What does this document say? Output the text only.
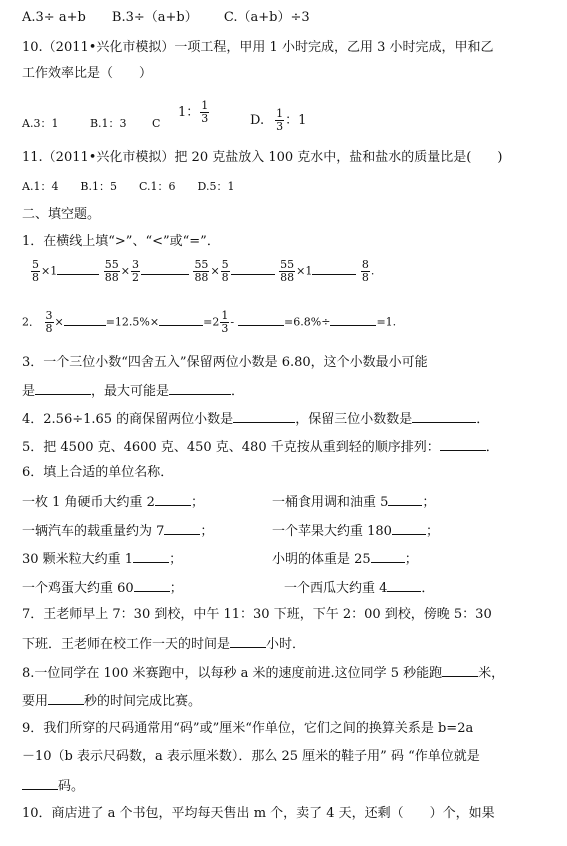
A.3÷ a+b B.3÷（a+b） C.（a+b）÷3
10.（2011•兴化市模拟）一项工程，甲用 1 小时完成，乙用 3 小时完成，甲和乙
工作效率比是（　　）
A.3：1	B.1：3 C
1： $\frac{1}{3}$	D. $\frac{1}{3}$ ：1
11.（2011•兴化市模拟）把 20 克盐放入 100 克水中，盐和盐水的质量比是(　　)
A.1：4　　B.1：5　　C.1：6　　D.5：1
二、填空题。
1．在横线上填“>”、“<”或“=”．
$\frac{5}{8} \times 1$	$\frac{55}{88} \times \frac{3}{2}$
	$\frac{55}{88} \times \frac{5}{8}$
	$\frac{55}{88} \times 1$	$\frac{8}{8}$ .
2． $\frac{3}{8}$ ×	=12.5%×	$=2 \frac{1}{3}$ -	=6.8%÷	=1.
3．一个三位小数“四舍五入”保留两位小数是 6.80，这个小数最小可能
是	，最大可能是	．
4．2.56÷1.65 的商保留两位小数是	，保留三位小数数是	．
5．把 4500 克、4600 克、450 克、480 千克按从重到轻的顺序排列：	．
6．填上合适的单位名称．
一枚 1 角硬币大约重 2	；	一桶食用调和油重 5	；
一辆汽车的载重量约为 7	；	一个苹果大约重 180	；
30 颗米粒大约重 1	；	小明的体重是 25	；
一个鸡蛋大约重 60	；	一个西瓜大约重 4	．
7．王老师早上 7：30 到校，中午 11：30 下班，下午 2：00 到校，傍晚 5：30
下班．王老师在校工作一天的时间是	小时．
8.一位同学在 100 米赛跑中，以每秒 a 米的速度前进.这位同学 5 秒能跑	米，
要用	秒的时间完成比赛。
9．我们所穿的尺码通常用“码”或”厘米“作单位，它们之间的换算关系是 b=2a
－10（b 表示尺码数，a 表示厘米数）．那么 25 厘米的鞋子用” 码 “作单位就是
码。
10．商店进了 a 个书包，平均每天售出 m 个，卖了 4 天，还剩（　　）个，如果
